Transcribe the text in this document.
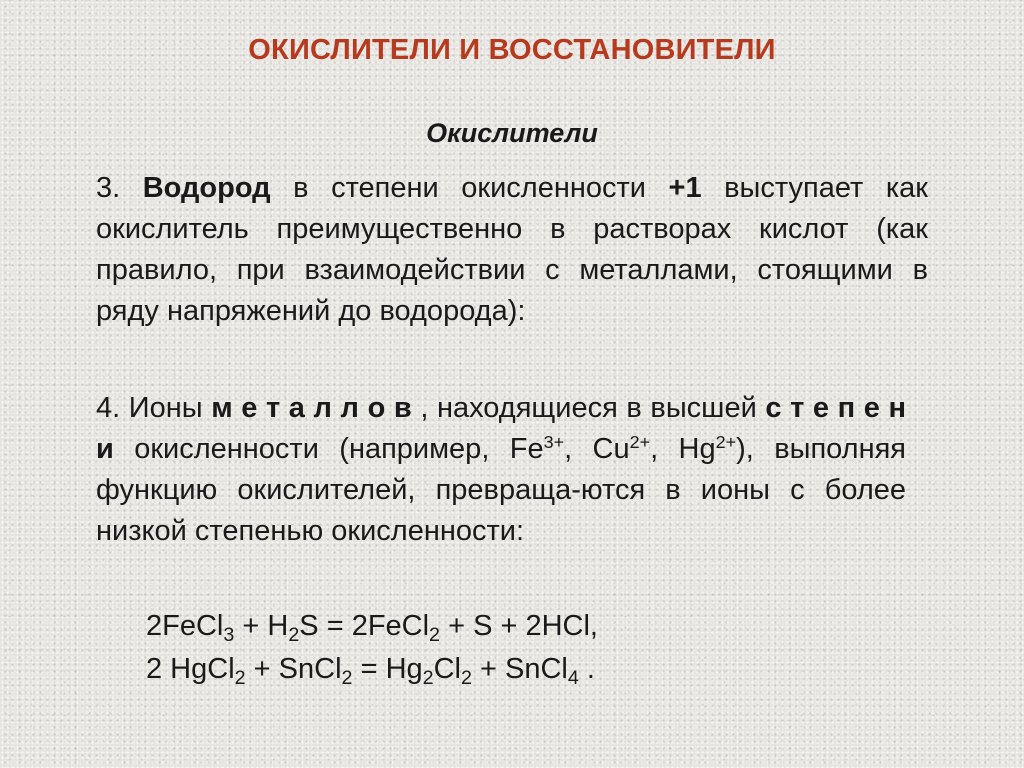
ОКИСЛИТЕЛИ И ВОССТАНОВИТЕЛИ
Окислители

3. Водород в степени окисленности +1 выступает как окислитель преимущественно в растворах кислот (как правило, при взаимодействии с металлами, стоящими в ряду напряжений до водорода):

4. Ионы м е т а л л о в , находящиеся в высшей с т е п е н и окисленности (например, $Fe^{3+}$, $Cu^{2+}$, $Hg^{2+}$), выполняя функцию окислителей, превраща-ются в ионы с более низкой степенью окисленности:

2FeCl$_3$ + $H_2S$ = 2FeCl$_2$ + S + 2HCl,
2 HgCl$_2$ + SnCl$_2$ = $Hg_2Cl_2$ + SnCl$_4$ .
